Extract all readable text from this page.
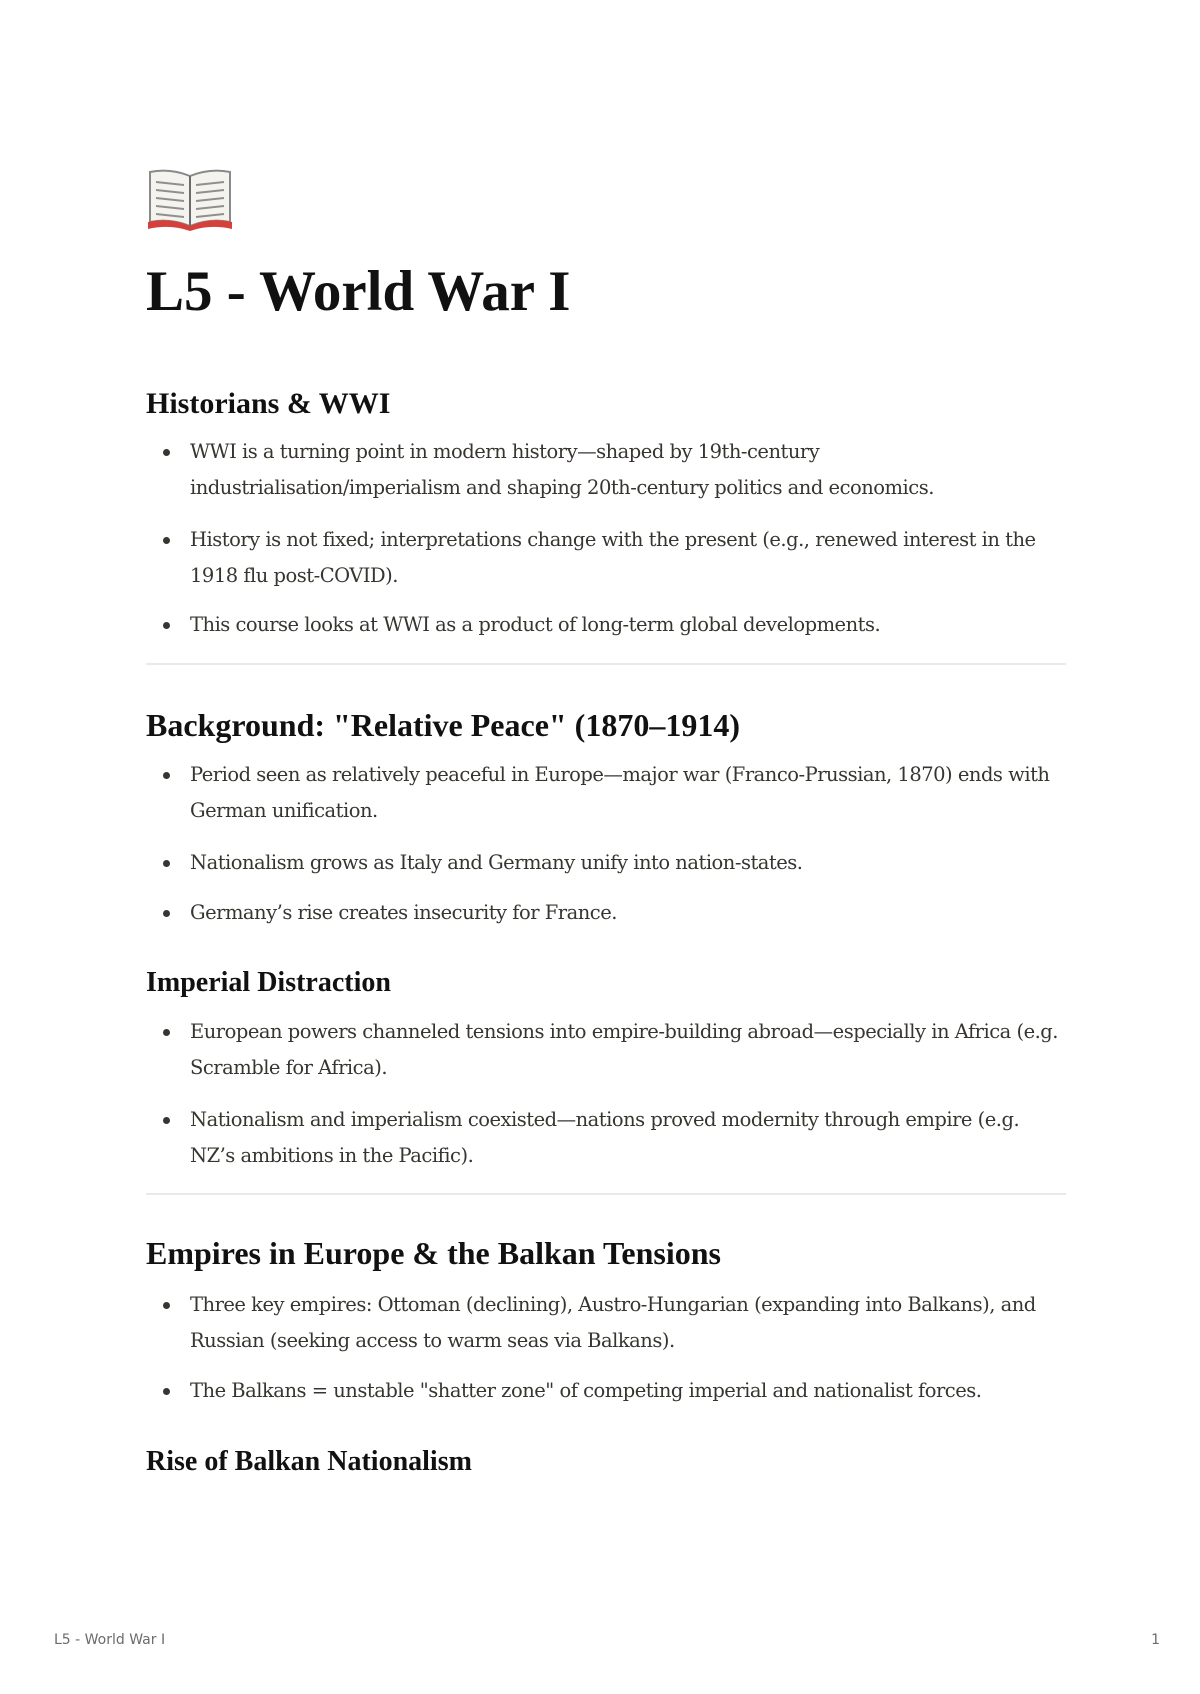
L5 - World War I
Historians & WWI
WWI is a turning point in modern history—shaped by 19th-century industrialisation/imperialism and shaping 20th-century politics and economics.
History is not fixed; interpretations change with the present (e.g., renewed interest in the 1918 flu post-COVID).
This course looks at WWI as a product of long-term global developments.
Background: "Relative Peace" (1870–1914)
Period seen as relatively peaceful in Europe—major war (Franco-Prussian, 1870) ends with German unification.
Nationalism grows as Italy and Germany unify into nation-states.
Germany’s rise creates insecurity for France.
Imperial Distraction
European powers channeled tensions into empire-building abroad—especially in Africa (e.g. Scramble for Africa).
Nationalism and imperialism coexisted—nations proved modernity through empire (e.g. NZ’s ambitions in the Pacific).
Empires in Europe & the Balkan Tensions
Three key empires: Ottoman (declining), Austro-Hungarian (expanding into Balkans), and Russian (seeking access to warm seas via Balkans).
The Balkans = unstable "shatter zone" of competing imperial and nationalist forces.
Rise of Balkan Nationalism
L5 - World War I	1
